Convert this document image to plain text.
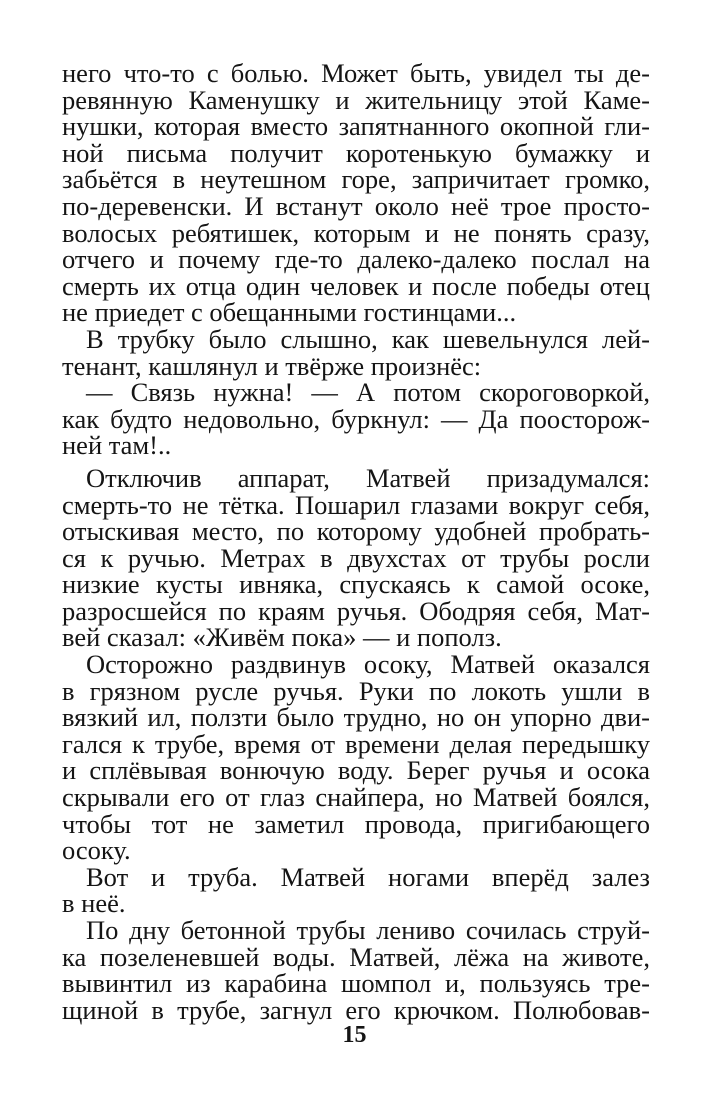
него что-то с болью. Может быть, увидел ты де-
ревянную Каменушку и жительницу этой Каме-
нушки, которая вместо запятнанного окопной гли-
ной письма получит коротенькую бумажку и
забьётся в неутешном горе, запричитает громко,
по-деревенски. И встанут около неё трое просто-
волосых ребятишек, которым и не понять сразу,
отчего и почему где-то далеко-далеко послал на
смерть их отца один человек и после победы отец
не приедет с обещанными гостинцами...
В трубку было слышно, как шевельнулся лей-
тенант, кашлянул и твёрже произнёс:
— Связь нужна! — А потом скороговоркой,
как будто недовольно, буркнул: — Да поосторож-
ней там!..
Отключив аппарат, Матвей призадумался:
смерть-то не тётка. Пошарил глазами вокруг себя,
отыскивая место, по которому удобней пробрать-
ся к ручью. Метрах в двухстах от трубы росли
низкие кусты ивняка, спускаясь к самой осоке,
разросшейся по краям ручья. Ободряя себя, Мат-
вей сказал: «Живём пока» — и пополз.
Осторожно раздвинув осоку, Матвей оказался
в грязном русле ручья. Руки по локоть ушли в
вязкий ил, ползти было трудно, но он упорно дви-
гался к трубе, время от времени делая передышку
и сплёвывая вонючую воду. Берег ручья и осока
скрывали его от глаз снайпера, но Матвей боялся,
чтобы тот не заметил провода, пригибающего
осоку.
Вот и труба. Матвей ногами вперёд залез
в неё.
По дну бетонной трубы лениво сочилась струй-
ка позеленевшей воды. Матвей, лёжа на животе,
вывинтил из карабина шомпол и, пользуясь тре-
щиной в трубе, загнул его крючком. Полюбовав-
15
